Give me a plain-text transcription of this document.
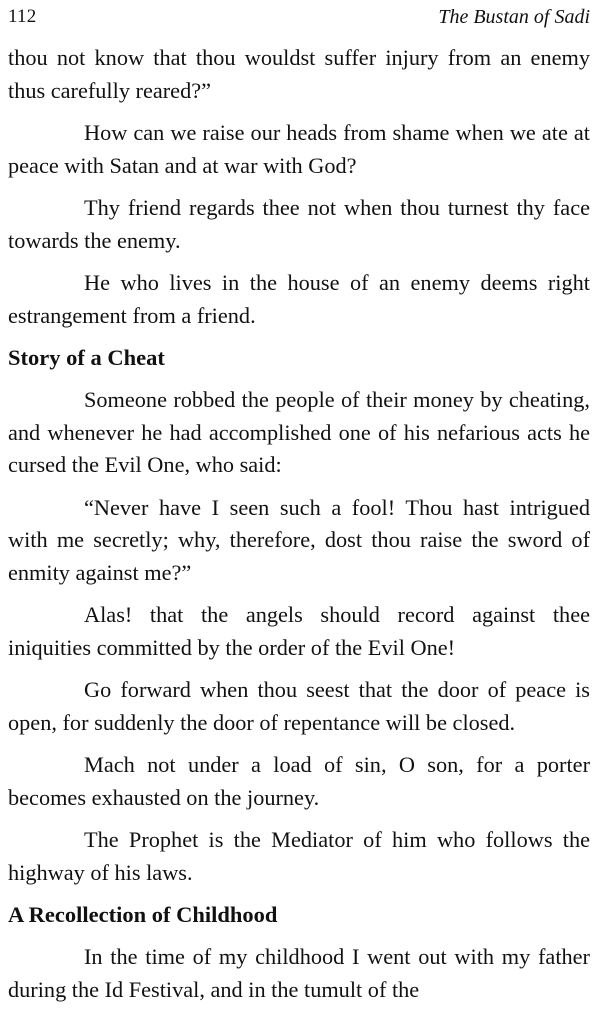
112	The Bustan of Sadi

thou not know that thou wouldst suffer injury from an enemy thus carefully reared?”

How can we raise our heads from shame when we ate at peace with Satan and at war with God?

Thy friend regards thee not when thou turnest thy face towards the enemy.

He who lives in the house of an enemy deems right estrangement from a friend.

Story of a Cheat

Someone robbed the people of their money by cheating, and whenever he had accomplished one of his nefarious acts he cursed the Evil One, who said:

“Never have I seen such a fool! Thou hast intrigued with me secretly; why, therefore, dost thou raise the sword of enmity against me?”

Alas! that the angels should record against thee iniquities committed by the order of the Evil One!

Go forward when thou seest that the door of peace is open, for suddenly the door of repentance will be closed.

Mach not under a load of sin, O son, for a porter becomes exhausted on the journey.

The Prophet is the Mediator of him who follows the highway of his laws.

A Recollection of Childhood

In the time of my childhood I went out with my father during the Id Festival, and in the tumult of the
